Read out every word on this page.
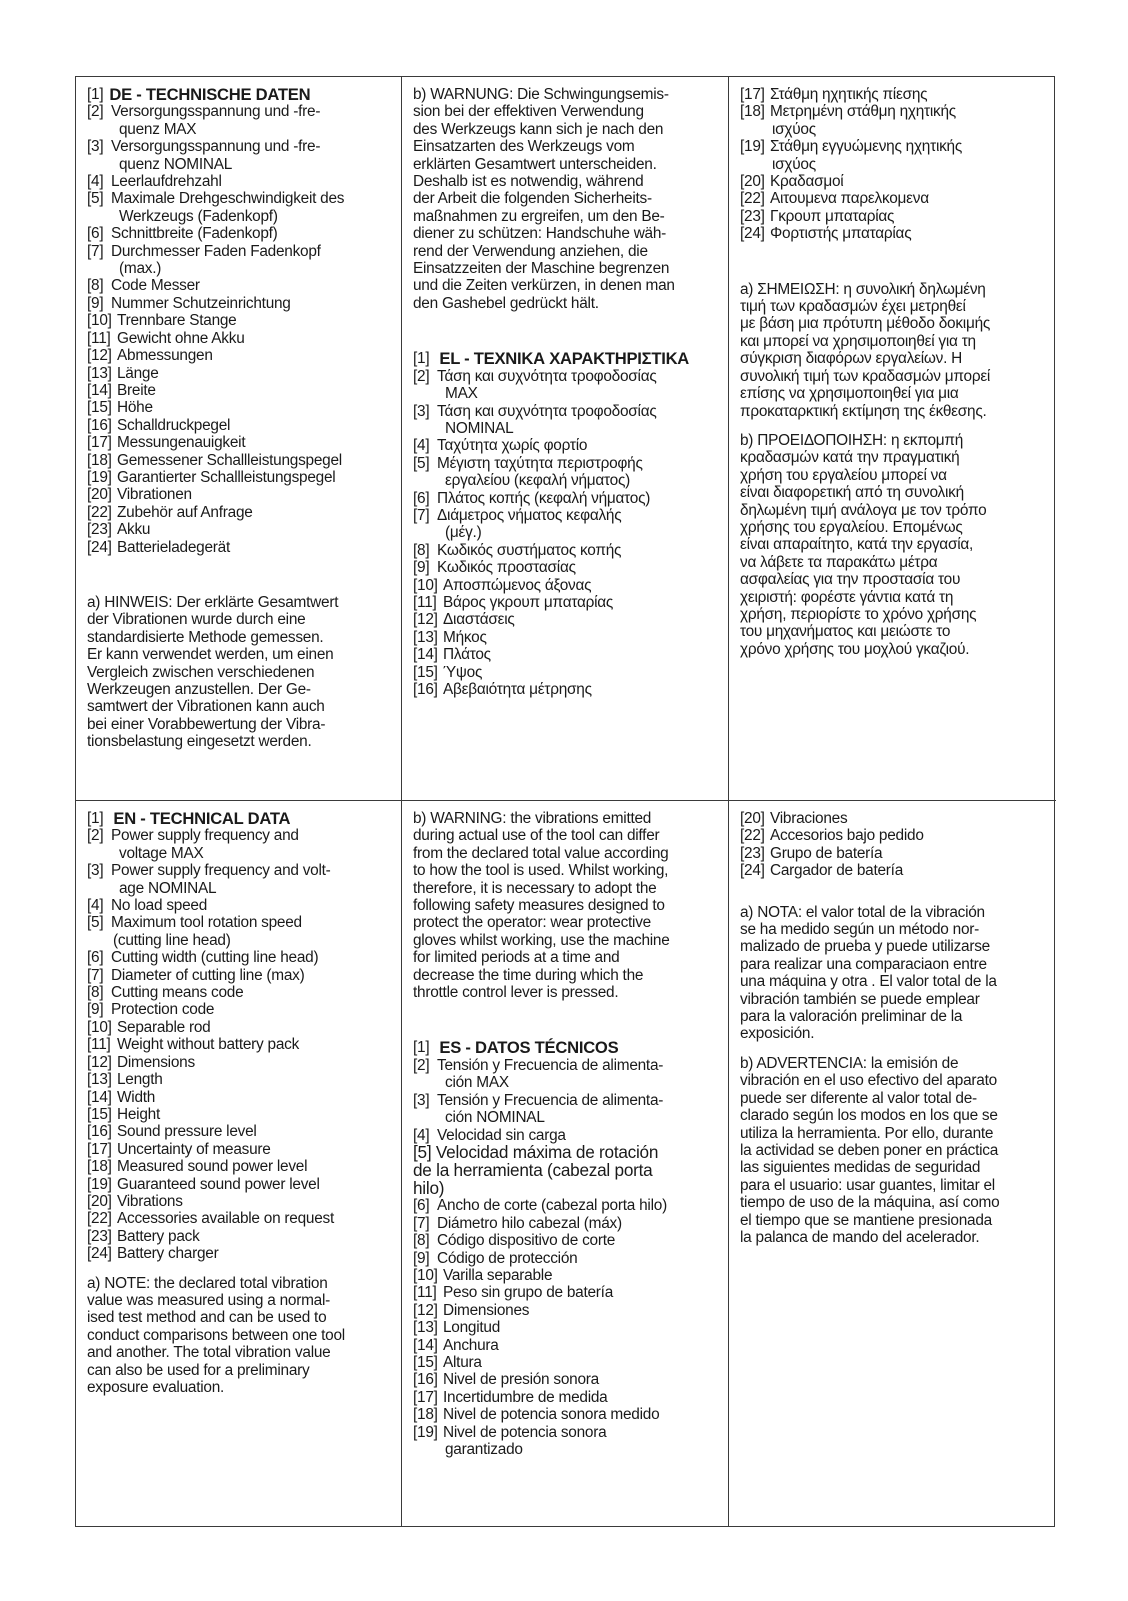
[1] DE - TECHNISCHE DATEN
[2] Versorgungsspannung und -fre-
quenz MAX
[3] Versorgungsspannung und -fre-
quenz NOMINAL
[4] Leerlaufdrehzahl
[5] Maximale Drehgeschwindigkeit des
Werkzeugs (Fadenkopf)
[6] Schnittbreite (Fadenkopf)
[7] Durchmesser Faden Fadenkopf
(max.)
[8] Code Messer
[9] Nummer Schutzeinrichtung
[10] Trennbare Stange
[11] Gewicht ohne Akku
[12] Abmessungen
[13] Länge
[14] Breite
[15] Höhe
[16] Schalldruckpegel
[17] Messungenauigkeit
[18] Gemessener Schallleistungspegel
[19] Garantierter Schallleistungspegel
[20] Vibrationen
[22] Zubehör auf Anfrage
[23] Akku
[24] Batterieladegerät
a) HINWEIS: Der erklärte Gesamtwert
der Vibrationen wurde durch eine
standardisierte Methode gemessen.
Er kann verwendet werden, um einen
Vergleich zwischen verschiedenen
Werkzeugen anzustellen. Der Ge-
samtwert der Vibrationen kann auch
bei einer Vorabbewertung der Vibra-
tionsbelastung eingesetzt werden.
b) WARNUNG: Die Schwingungsemis-
sion bei der effektiven Verwendung
des Werkzeugs kann sich je nach den
Einsatzarten des Werkzeugs vom
erklärten Gesamtwert unterscheiden.
Deshalb ist es notwendig, während
der Arbeit die folgenden Sicherheits-
maßnahmen zu ergreifen, um den Be-
diener zu schützen: Handschuhe wäh-
rend der Verwendung anziehen, die
Einsatzzeiten der Maschine begrenzen
und die Zeiten verkürzen, in denen man
den Gashebel gedrückt hält.
[1] EL - ΤΕΧΝΙΚΑ ΧΑΡΑΚΤΗΡΙΣΤΙΚΑ
[2] Τάση και συχνότητα τροφοδοσίας
MAX
[3] Τάση και συχνότητα τροφοδοσίας
NOMINAL
[4] Ταχύτητα χωρίς φορτίο
[5] Μέγιστη ταχύτητα περιστροφής
εργαλείου (κεφαλή νήματος)
[6] Πλάτος κοπής (κεφαλή νήματος)
[7] Διάμετρος νήματος κεφαλής
(μέγ.)
[8] Κωδικός συστήματος κοπής
[9] Κωδικός προστασίας
[10] Αποσπώμενος άξονας
[11] Βάρος γκρουπ μπαταρίας
[12] Διαστάσεις
[13] Μήκος
[14] Πλάτος
[15] Ύψος
[16] Αβεβαιότητα μέτρησης
[17] Στάθμη ηχητικής πίεσης
[18] Μετρημένη στάθμη ηχητικής
ισχύος
[19] Στάθμη εγγυώμενης ηχητικής
ισχύος
[20] Κραδασμοί
[22] Αιτουμενα παρελκομενα
[23] Γκρουπ μπαταρίας
[24] Φορτιστής μπαταρίας
a) ΣΗΜΕΙΩΣΗ: η συνολική δηλωμένη
τιμή των κραδασμών έχει μετρηθεί
με βάση μια πρότυπη μέθοδο δοκιμής
και μπορεί να χρησιμοποιηθεί για τη
σύγκριση διαφόρων εργαλείων. Η
συνολική τιμή των κραδασμών μπορεί
επίσης να χρησιμοποιηθεί για μια
προκαταρκτική εκτίμηση της έκθεσης.
b) ΠΡΟΕΙΔΟΠΟΙΗΣΗ: η εκπομπή
κραδασμών κατά την πραγματική
χρήση του εργαλείου μπορεί να
είναι διαφορετική από τη συνολική
δηλωμένη τιμή ανάλογα με τον τρόπο
χρήσης του εργαλείου. Επομένως
είναι απαραίτητο, κατά την εργασία,
να λάβετε τα παρακάτω μέτρα
ασφαλείας για την προστασία του
χειριστή: φορέστε γάντια κατά τη
χρήση, περιορίστε το χρόνο χρήσης
του μηχανήματος και μειώστε το
χρόνο χρήσης του μοχλού γκαζιού.
[1] EN - TECHNICAL DATA
[2] Power supply frequency and
voltage MAX
[3] Power supply frequency and volt-
age NOMINAL
[4] No load speed
[5] Maximum tool rotation speed
(cutting line head)
[6] Cutting width (cutting line head)
[7] Diameter of cutting line (max)
[8] Cutting means code
[9] Protection code
[10] Separable rod
[11] Weight without battery pack
[12] Dimensions
[13] Length
[14] Width
[15] Height
[16] Sound pressure level
[17] Uncertainty of measure
[18] Measured sound power level
[19] Guaranteed sound power level
[20] Vibrations
[22] Accessories available on request
[23] Battery pack
[24] Battery charger
a) NOTE: the declared total vibration
value was measured using a normal-
ised test method and can be used to
conduct comparisons between one tool
and another. The total vibration value
can also be used for a preliminary
exposure evaluation.
b) WARNING: the vibrations emitted
during actual use of the tool can differ
from the declared total value according
to how the tool is used. Whilst working,
therefore, it is necessary to adopt the
following safety measures designed to
protect the operator: wear protective
gloves whilst working, use the machine
for limited periods at a time and
decrease the time during which the
throttle control lever is pressed.
[1] ES - DATOS TÉCNICOS
[2] Tensión y Frecuencia de alimenta-
ción MAX
[3] Tensión y Frecuencia de alimenta-
ción NOMINAL
[4] Velocidad sin carga
[5] Velocidad máxima de rotación
de la herramienta (cabezal porta
hilo)
[6] Ancho de corte (cabezal porta hilo)
[7] Diámetro hilo cabezal (máx)
[8] Código dispositivo de corte
[9] Código de protección
[10] Varilla separable
[11] Peso sin grupo de batería
[12] Dimensiones
[13] Longitud
[14] Anchura
[15] Altura
[16] Nivel de presión sonora
[17] Incertidumbre de medida
[18] Nivel de potencia sonora medido
[19] Nivel de potencia sonora
garantizado
[20] Vibraciones
[22] Accesorios bajo pedido
[23] Grupo de batería
[24] Cargador de batería
a) NOTA: el valor total de la vibración
se ha medido según un método nor-
malizado de prueba y puede utilizarse
para realizar una comparaciaon entre
una máquina y otra . El valor total de la
vibración también se puede emplear
para la valoración preliminar de la
exposición.
b) ADVERTENCIA: la emisión de
vibración en el uso efectivo del aparato
puede ser diferente al valor total de-
clarado según los modos en los que se
utiliza la herramienta. Por ello, durante
la actividad se deben poner en práctica
las siguientes medidas de seguridad
para el usuario: usar guantes, limitar el
tiempo de uso de la máquina, así como
el tiempo que se mantiene presionada
la palanca de mando del acelerador.
